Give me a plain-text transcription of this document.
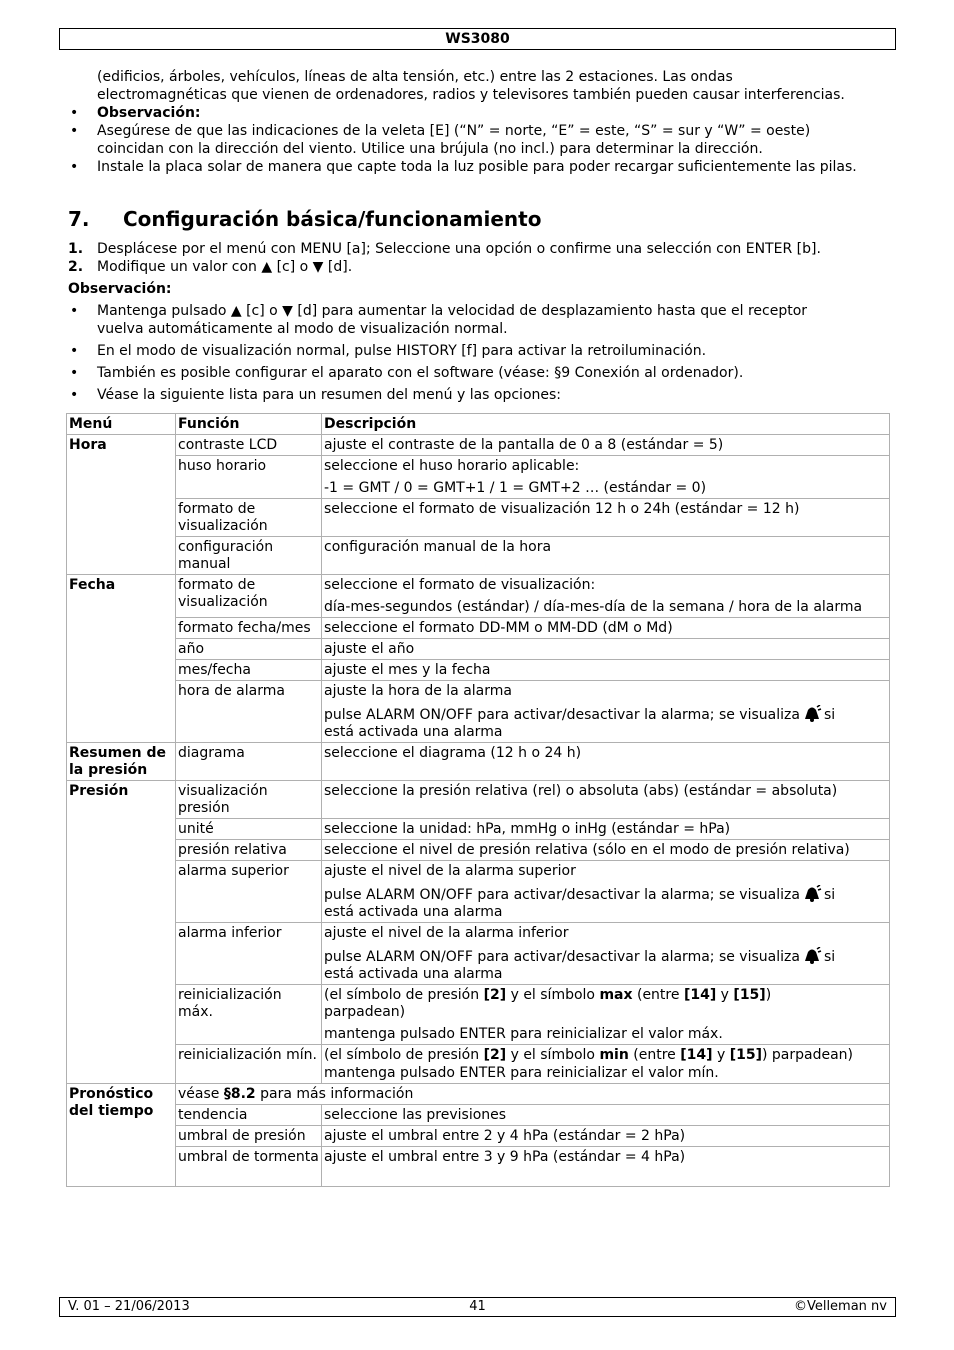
WS3080

(edificios, árboles, vehículos, líneas de alta tensión, etc.) entre las 2 estaciones. Las ondas
electromagnéticas que vienen de ordenadores, radios y televisores también pueden causar interferencias.

• Observación:

• Asegúrese de que las indicaciones de la veleta [E] (“N” = norte, “E” = este, “S” = sur y “W” = oeste)
coincidan con la dirección del viento. Utilice una brújula (no incl.) para determinar la dirección.

• Instale la placa solar de manera que capte toda la luz posible para poder recargar suficientemente las pilas.

7. Configuración básica/funcionamiento

1. Desplácese por el menú con MENU [a]; Seleccione una opción o confirme una selección con ENTER [b].

2. Modifique un valor con ▲ [c] o ▼ [d].

Observación:

• Mantenga pulsado ▲ [c] o ▼ [d] para aumentar la velocidad de desplazamiento hasta que el receptor
vuelva automáticamente al modo de visualización normal.

• En el modo de visualización normal, pulse HISTORY [f] para activar la retroiluminación.

• También es posible configurar el aparato con el software (véase: §9 Conexión al ordenador).

• Véase la siguiente lista para un resumen del menú y las opciones:

Menú	Función	Descripción
Hora	contraste LCD	ajuste el contraste de la pantalla de 0 a 8 (estándar = 5)
	huso horario	seleccione el huso horario aplicable:
-1 = GMT / 0 = GMT+1 / 1 = GMT+2 … (estándar = 0)

	formato de visualización	seleccione el formato de visualización 12 h o 24h (estándar = 12 h)
	configuración manual	configuración manual de la hora
Fecha	formato de visualización	seleccione el formato de visualización:
día-mes-segundos (estándar) / día-mes-día de la semana / hora de la alarma

	formato fecha/mes	seleccione el formato DD-MM o MM-DD (dM o Md)
	año	ajuste el año
	mes/fecha	ajuste el mes y la fecha
	hora de alarma	ajuste la hora de la alarma
pulse ALARM ON/OFF para activar/desactivar la alarma; se visualiza si
está activada una alarma

Resumen de
la presión	diagrama	seleccione el diagrama (12 h o 24 h)
Presión	visualización presión	seleccione la presión relativa (rel) o absoluta (abs) (estándar = absoluta)
	unité	seleccione la unidad: hPa, mmHg o inHg (estándar = hPa)
	presión relativa	seleccione el nivel de presión relativa (sólo en el modo de presión relativa)
	alarma superior	ajuste el nivel de la alarma superior
pulse ALARM ON/OFF para activar/desactivar la alarma; se visualiza si
está activada una alarma

	alarma inferior	ajuste el nivel de la alarma inferior
pulse ALARM ON/OFF para activar/desactivar la alarma; se visualiza si
está activada una alarma

	reinicialización máx.	(el símbolo de presión [2] y el símbolo max (entre [14] y [15])
parpadean)
mantenga pulsado ENTER para reinicializar el valor máx.

	reinicialización mín.	(el símbolo de presión [2] y el símbolo min (entre [14] y [15]) parpadean)
mantenga pulsado ENTER para reinicializar el valor mín.

Pronóstico
del tiempo	véase §8.2 para más información	
	tendencia	seleccione las previsiones
	umbral de presión	ajuste el umbral entre 2 y 4 hPa (estándar = 2 hPa)
	umbral de tormenta	ajuste el umbral entre 3 y 9 hPa (estándar = 4 hPa)
V. 01 – 21/06/2013	41	©Velleman nv
